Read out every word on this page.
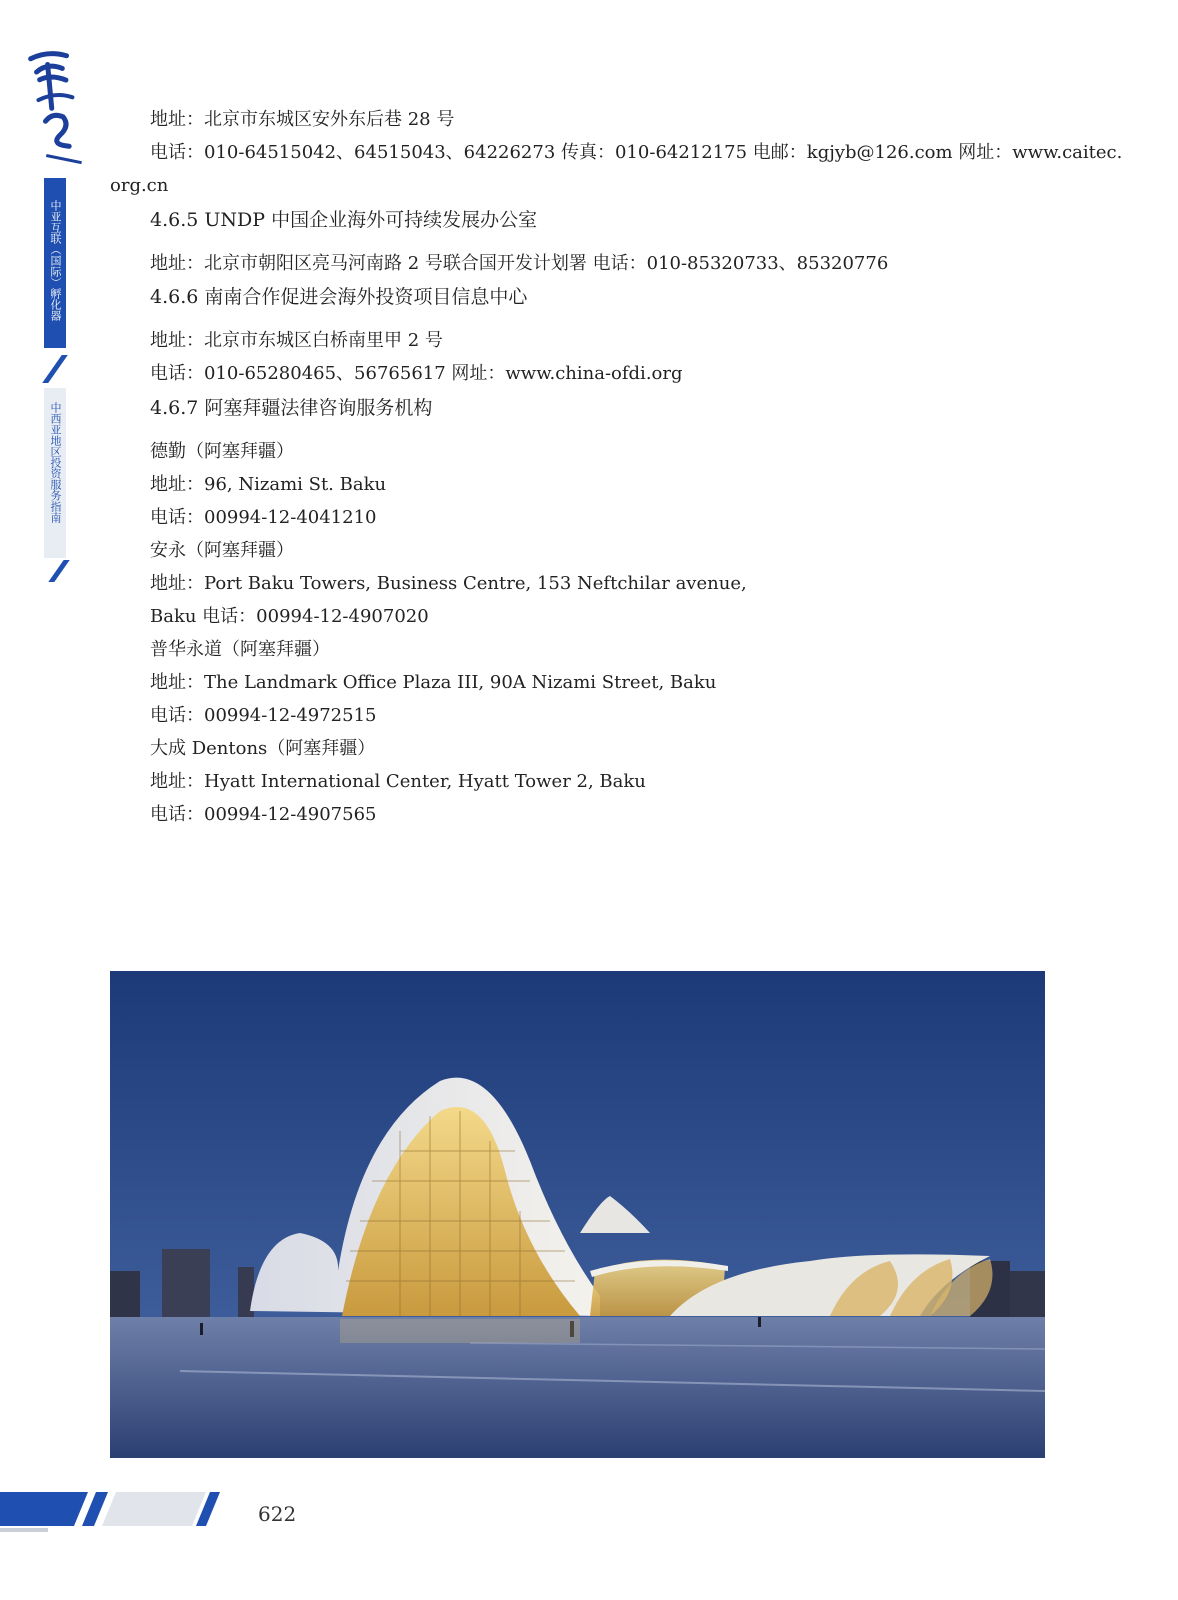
中亚互联（国际）孵化器
中西亚地区投资服务指南
地址：北京市东城区安外东后巷 28 号
电话：010-64515042、64515043、64226273 传真：010-64212175 电邮：kgjyb@126.com 网址：www.caitec.
org.cn
4.6.5 UNDP 中国企业海外可持续发展办公室
地址：北京市朝阳区亮马河南路 2 号联合国开发计划署 电话：010-85320733、85320776
4.6.6 南南合作促进会海外投资项目信息中心
地址：北京市东城区白桥南里甲 2 号
电话：010-65280465、56765617 网址：www.china-ofdi.org
4.6.7 阿塞拜疆法律咨询服务机构
德勤（阿塞拜疆）
地址：96, Nizami St. Baku
电话：00994-12-4041210
安永（阿塞拜疆）
地址：Port Baku Towers, Business Centre, 153 Neftchilar avenue,
Baku 电话：00994-12-4907020
普华永道（阿塞拜疆）
地址：The Landmark Office Plaza III, 90A Nizami Street, Baku
电话：00994-12-4972515
大成 Dentons（阿塞拜疆）
地址：Hyatt International Center, Hyatt Tower 2, Baku
电话：00994-12-4907565
622
